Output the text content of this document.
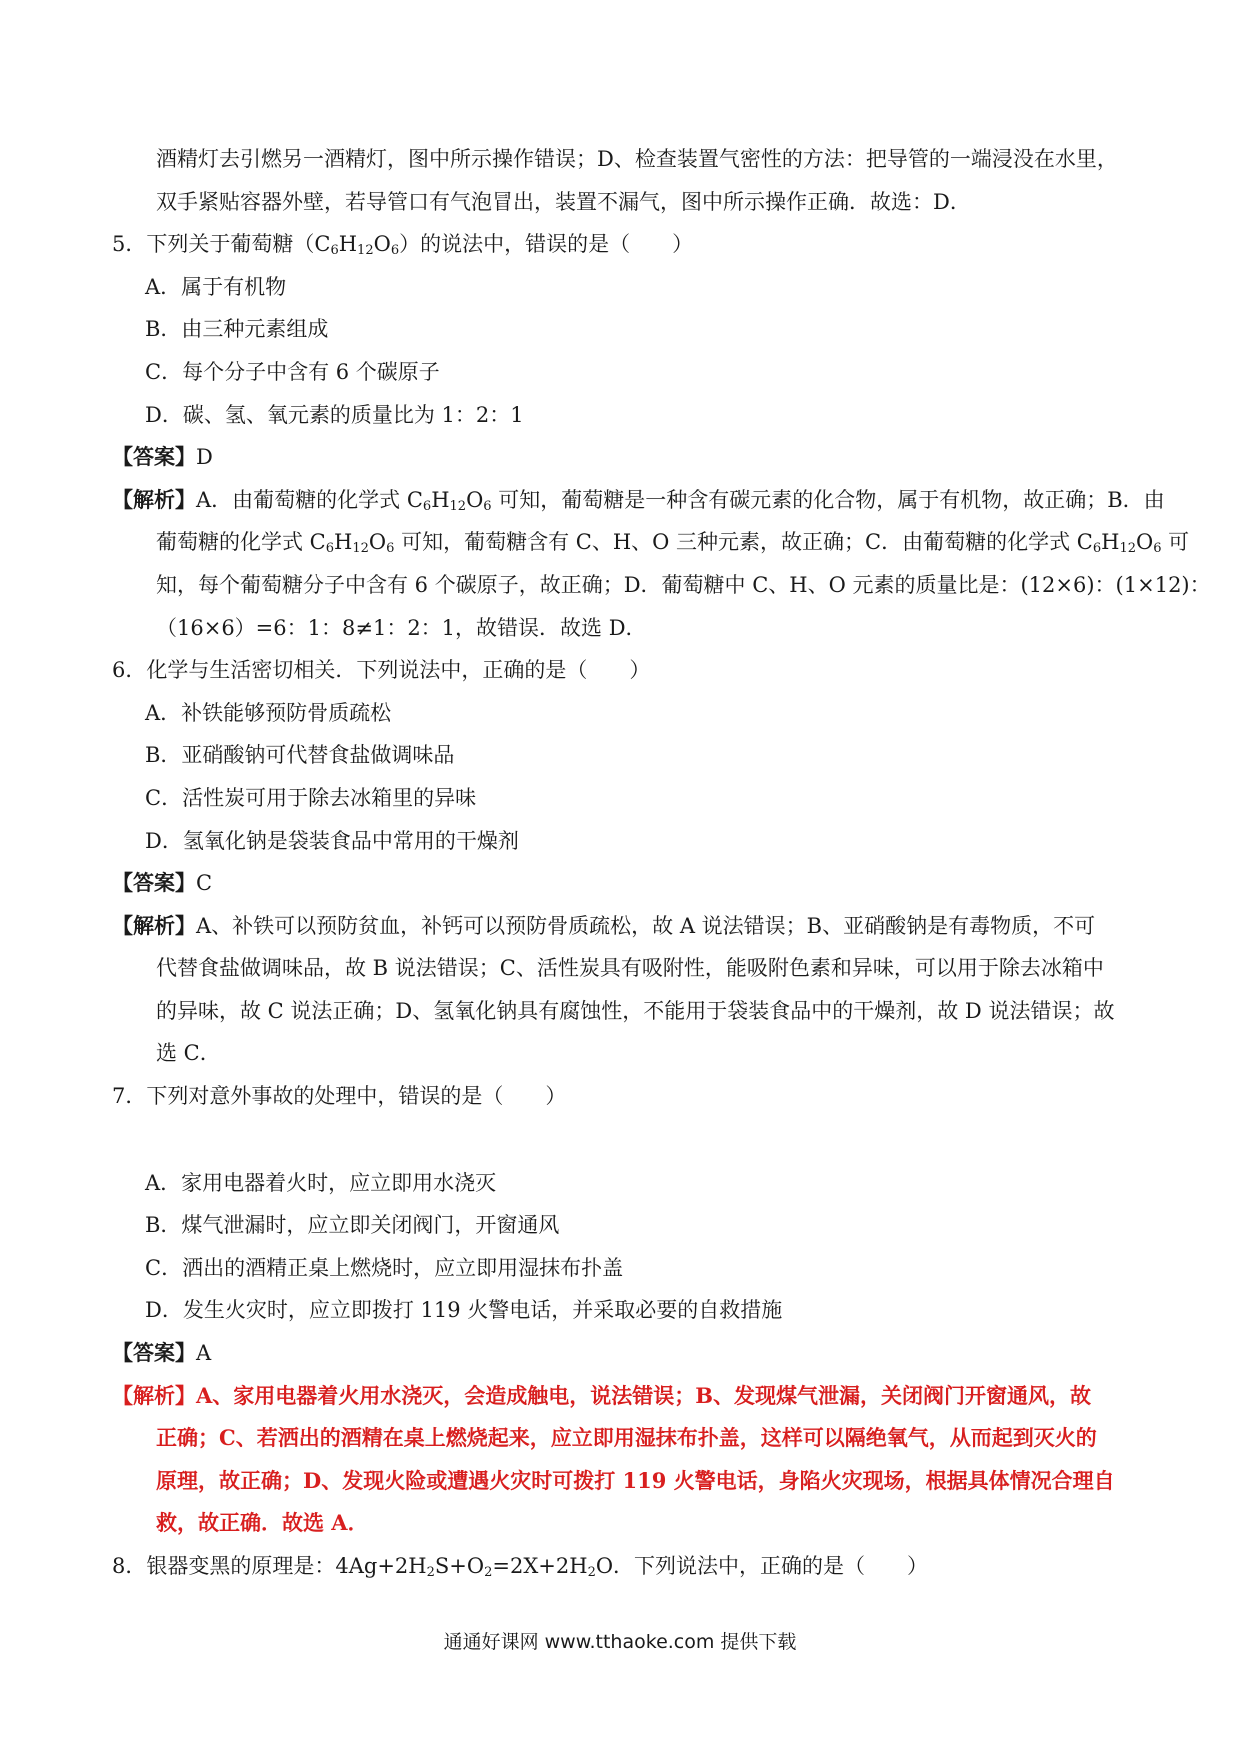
酒精灯去引燃另一酒精灯，图中所示操作错误；D、检查装置气密性的方法：把导管的一端浸没在水里，
双手紧贴容器外壁，若导管口有气泡冒出，装置不漏气，图中所示操作正确．故选：D．
5．下列关于葡萄糖$(C_6H_{12}O_6)$的说法中，错误的是（　　）
A．属于有机物
B．由三种元素组成
C．每个分子中含有 6 个碳原子
D．碳、氢、氧元素的质量比为 1：2：1
【答案】D
【解析】A．由葡萄糖的化学式 $C_6H_{12}O_6$ 可知，葡萄糖是一种含有碳元素的化合物，属于有机物，故正确；B．由
葡萄糖的化学式 $C_6H_{12}O_6$ 可知，葡萄糖含有 C、H、O 三种元素，故正确；C．由葡萄糖的化学式 $C_6H_{12}O_6$ 可
知，每个葡萄糖分子中含有 6 个碳原子，故正确；D．葡萄糖中 C、H、O 元素的质量比是：(12×6)：(1×12)：
（16×6）=6：1：8≠1：2：1，故错误．故选 D．
6．化学与生活密切相关．下列说法中，正确的是（　　）
A．补铁能够预防骨质疏松
B．亚硝酸钠可代替食盐做调味品
C．活性炭可用于除去冰箱里的异味
D．氢氧化钠是袋装食品中常用的干燥剂
【答案】C
【解析】A、补铁可以预防贫血，补钙可以预防骨质疏松，故 A 说法错误；B、亚硝酸钠是有毒物质，不可
代替食盐做调味品，故 B 说法错误；C、活性炭具有吸附性，能吸附色素和异味，可以用于除去冰箱中
的异味，故 C 说法正确；D、氢氧化钠具有腐蚀性，不能用于袋装食品中的干燥剂，故 D 说法错误；故
选 C．
7．下列对意外事故的处理中，错误的是（　　）
A．家用电器着火时，应立即用水浇灭
B．煤气泄漏时，应立即关闭阀门，开窗通风
C．洒出的酒精正桌上燃烧时，应立即用湿抹布扑盖
D．发生火灾时，应立即拨打 119 火警电话，并采取必要的自救措施
【答案】A
【解析】A、家用电器着火用水浇灭，会造成触电，说法错误；B、发现煤气泄漏，关闭阀门开窗通风，故
正确；C、若洒出的酒精在桌上燃烧起来，应立即用湿抹布扑盖，这样可以隔绝氧气，从而起到灭火的
原理，故正确；D、发现火险或遭遇火灾时可拨打 119 火警电话，身陷火灾现场，根据具体情况合理自
救，故正确．故选 A．
8．银器变黑的原理是：$4Ag+2H_2S+O_2=2X+2H_2O$．下列说法中，正确的是（　　）
通通好课网 www.tthaoke.com 提供下载
